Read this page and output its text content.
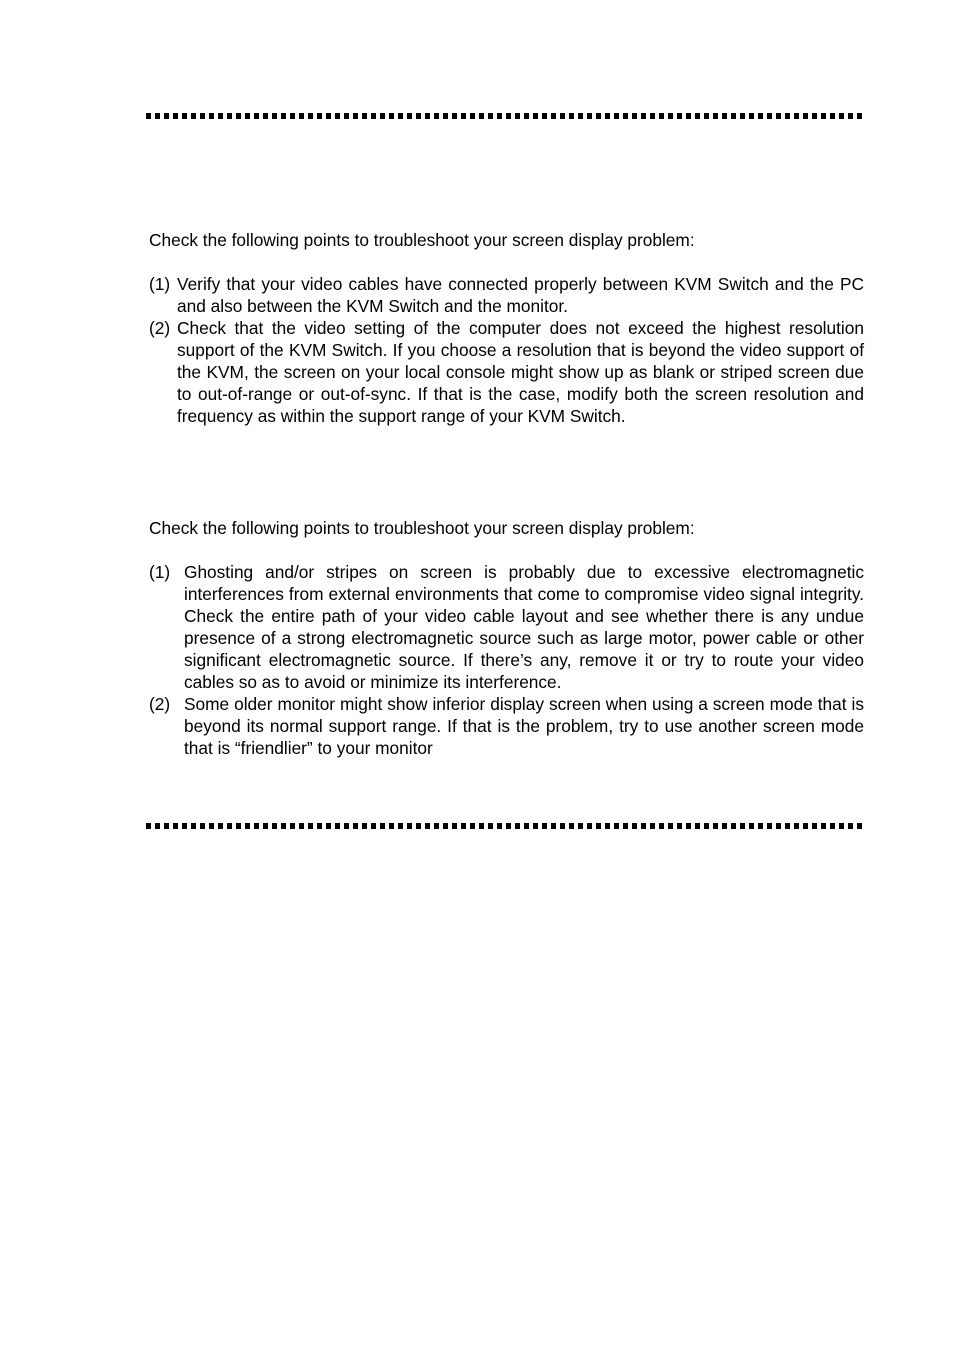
Check the following points to troubleshoot your screen display problem:

(1) Verify that your video cables have connected properly between KVM Switch and the PC and also between the KVM Switch and the monitor.
(2) Check that the video setting of the computer does not exceed the highest resolution support of the KVM Switch. If you choose a resolution that is beyond the video support of the KVM, the screen on your local console might show up as blank or striped screen due to out-of-range or out-of-sync. If that is the case, modify both the screen resolution and frequency as within the support range of your KVM Switch.

Check the following points to troubleshoot your screen display problem:

(1) Ghosting and/or stripes on screen is probably due to excessive electromagnetic interferences from external environments that come to compromise video signal integrity. Check the entire path of your video cable layout and see whether there is any undue presence of a strong electromagnetic source such as large motor, power cable or other significant electromagnetic source. If there’s any, remove it or try to route your video cables so as to avoid or minimize its interference.
(2) Some older monitor might show inferior display screen when using a screen mode that is beyond its normal support range. If that is the problem, try to use another screen mode that is “friendlier” to your monitor
